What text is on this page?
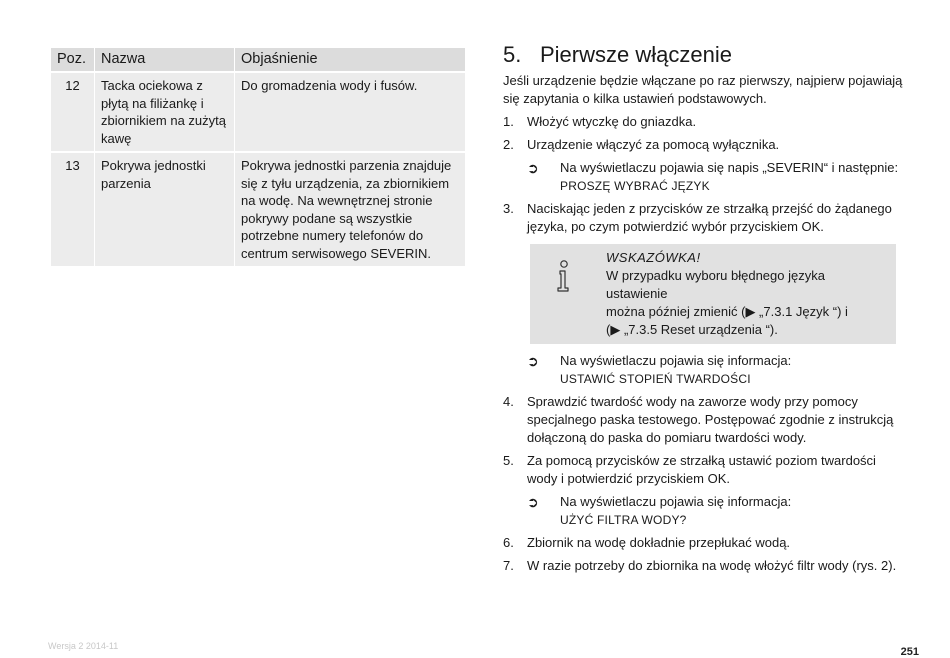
Poz.	Nazwa	Objaśnienie
12	Tacka ociekowa z płytą na filiżankę i zbiornikiem na zużytą kawę	Do gromadzenia wody i fusów.
13	Pokrywa jednostki parzenia	Pokrywa jednostki parzenia znajduje się z tyłu urządzenia, za zbiornikiem na wodę. Na wewnętrznej stronie pokrywy podane są wszystkie potrzebne numery telefonów do centrum serwisowego SEVERIN.
5. Pierwsze włączenie

Jeśli urządzenie będzie włączane po raz pierwszy, najpierw pojawiają się zapytania o kilka ustawień podstawowych.

1. Włożyć wtyczkę do gniazdka.
2. Urządzenie włączyć za pomocą wyłącznika.
➲ Na wyświetlaczu pojawia się napis „SEVERIN“ i następnie:
PROSZĘ WYBRAĆ JĘZYK
3. Naciskając jeden z przycisków ze strzałką przejść do żądanego języka, po czym potwierdzić wybór przyciskiem OK.
WSKAZÓWKA!
W przypadku wyboru błędnego języka ustawienie
można później zmienić (▶ „7.3.1 Język “) i
(▶ „7.3.5 Reset urządzenia “).
➲ Na wyświetlaczu pojawia się informacja:
USTAWIĆ STOPIEŃ TWARDOŚCI
4. Sprawdzić twardość wody na zaworze wody przy pomocy specjalnego paska testowego. Postępować zgodnie z instrukcją dołączoną do paska do pomiaru twardości wody.
5. Za pomocą przycisków ze strzałką ustawić poziom twardości wody i potwierdzić przyciskiem OK.
➲ Na wyświetlaczu pojawia się informacja:
UŻYĆ FILTRA WODY?
6. Zbiornik na wodę dokładnie przepłukać wodą.
7. W razie potrzeby do zbiornika na wodę włożyć filtr wody (rys. 2).
Wersja 2 2014-11	251
